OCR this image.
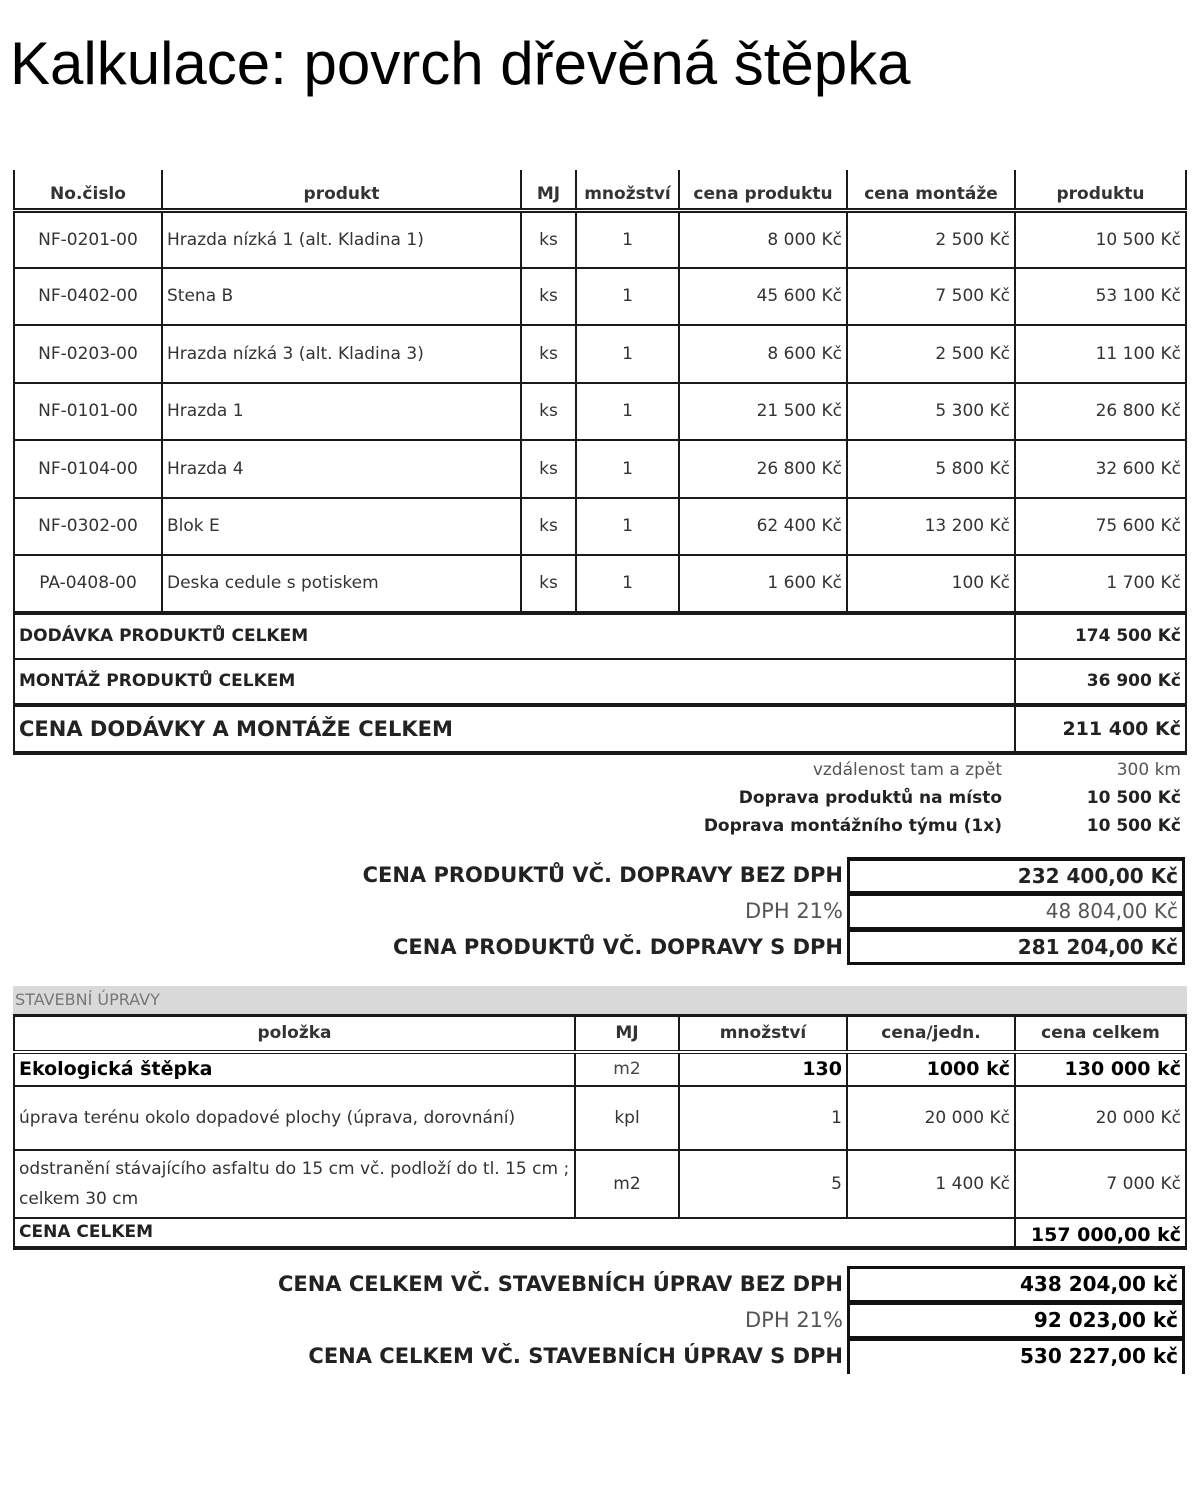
Kalkulace: povrch dřevěná štěpka
No.čislo	produkt	MJ	množství	cena produktu	cena montáže	produktu
NF-0201-00	Hrazda nízká 1 (alt. Kladina 1)	ks	1	8 000 Kč	2 500 Kč	10 500 Kč
NF-0402-00	Stena B	ks	1	45 600 Kč	7 500 Kč	53 100 Kč
NF-0203-00	Hrazda nízká 3 (alt. Kladina 3)	ks	1	8 600 Kč	2 500 Kč	11 100 Kč
NF-0101-00	Hrazda 1	ks	1	21 500 Kč	5 300 Kč	26 800 Kč
NF-0104-00	Hrazda 4	ks	1	26 800 Kč	5 800 Kč	32 600 Kč
NF-0302-00	Blok E	ks	1	62 400 Kč	13 200 Kč	75 600 Kč
PA-0408-00	Deska cedule s potiskem	ks	1	1 600 Kč	100 Kč	1 700 Kč
DODÁVKA PRODUKTŮ CELKEM						174 500 Kč
MONTÁŽ PRODUKTŮ CELKEM						36 900 Kč
CENA DODÁVKY A MONTÁŽE CELKEM						211 400 Kč
vzdálenost tam a zpět	300 km
Doprava produktů na místo	10 500 Kč
Doprava montážního týmu (1x)	10 500 Kč
CENA PRODUKTŮ VČ. DOPRAVY BEZ DPH	232 400,00 Kč
DPH 21%	48 804,00 Kč
CENA PRODUKTŮ VČ. DOPRAVY S DPH	281 204,00 Kč
STAVEBNÍ ÚPRAVY
položka	MJ	množství	cena/jedn.	cena celkem
Ekologická štěpka	m2	130	1000 kč	130 000 kč
úprava terénu okolo dopadové plochy (úprava, dorovnání)	kpl	1	20 000 Kč	20 000 Kč
odstranění stávajícího asfaltu do 15 cm vč. podloží do tl. 15 cm ; celkem 30 cm	m2	5	1 400 Kč	7 000 Kč
CENA CELKEM				157 000,00 kč
CENA CELKEM VČ. STAVEBNÍCH ÚPRAV BEZ DPH	438 204,00 kč
DPH 21%	92 023,00 kč
CENA CELKEM VČ. STAVEBNÍCH ÚPRAV S DPH	530 227,00 kč
